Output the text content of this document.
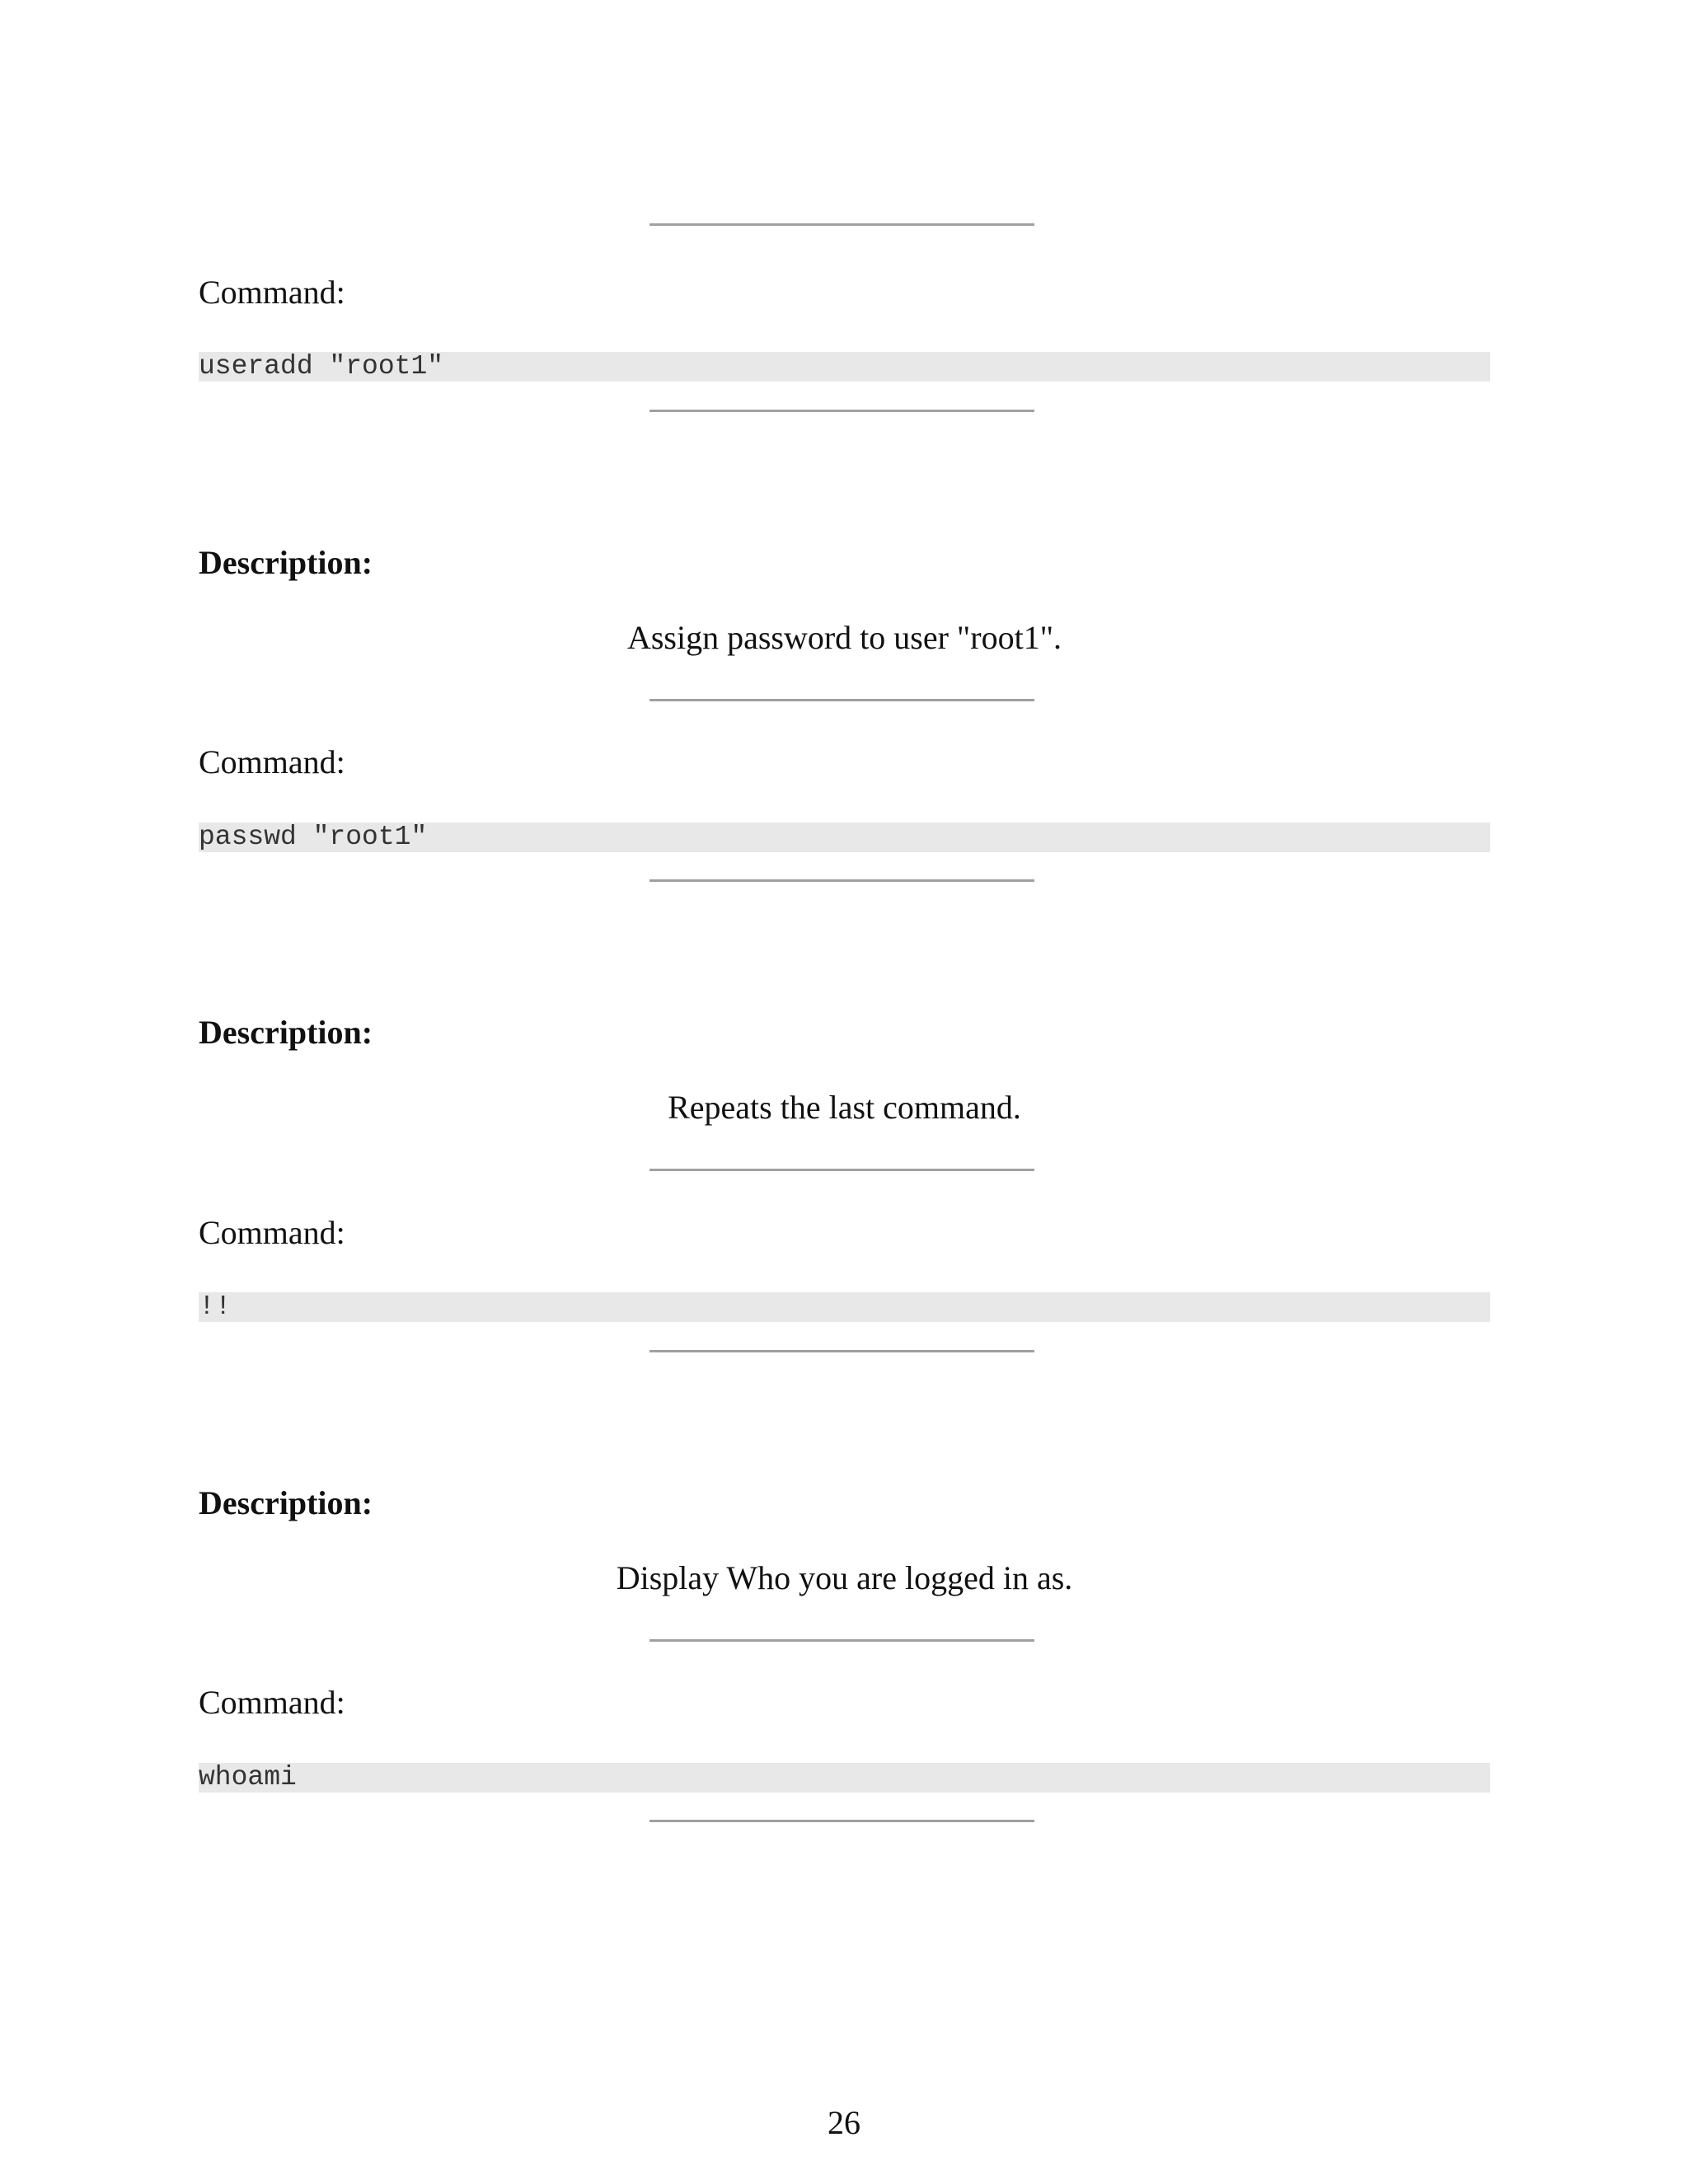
Command:
useradd "root1"
Description:
Assign password to user "root1".
Command:
passwd "root1"
Description:
Repeats the last command.
Command:
!!
Description:
Display Who you are logged in as.
Command:
whoami
26
